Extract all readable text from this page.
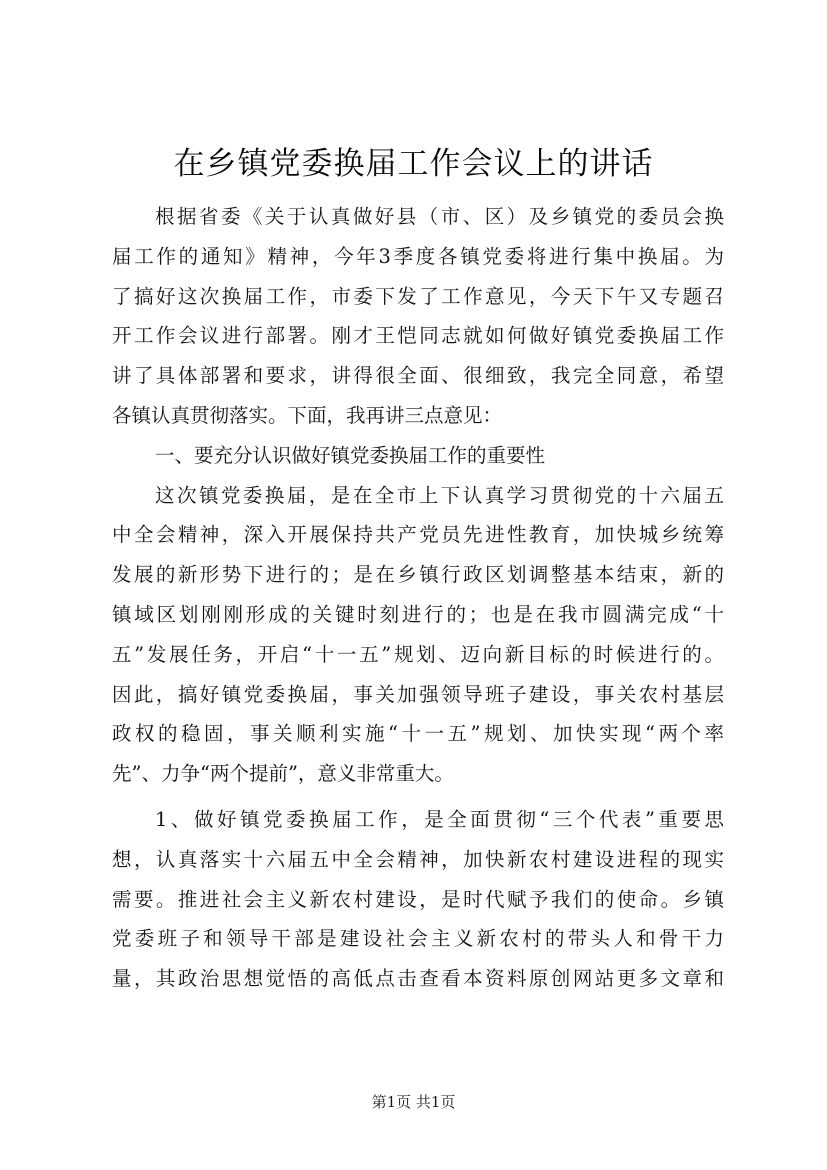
在乡镇党委换届工作会议上的讲话
根据省委《关于认真做好县（市、区）及乡镇党的委员会换
届工作的通知》精神，今年3季度各镇党委将进行集中换届。为
了搞好这次换届工作，市委下发了工作意见，今天下午又专题召
开工作会议进行部署。刚才王恺同志就如何做好镇党委换届工作
讲了具体部署和要求，讲得很全面、很细致，我完全同意，希望
各镇认真贯彻落实。下面，我再讲三点意见：
一、要充分认识做好镇党委换届工作的重要性
这次镇党委换届，是在全市上下认真学习贯彻党的十六届五
中全会精神，深入开展保持共产党员先进性教育，加快城乡统筹
发展的新形势下进行的；是在乡镇行政区划调整基本结束，新的
镇域区划刚刚形成的关键时刻进行的；也是在我市圆满完成“十
五”发展任务，开启“十一五”规划、迈向新目标的时候进行的。
因此，搞好镇党委换届，事关加强领导班子建设，事关农村基层
政权的稳固，事关顺利实施“十一五”规划、加快实现“两个率
先”、力争“两个提前”，意义非常重大。
1、做好镇党委换届工作，是全面贯彻“三个代表”重要思
想，认真落实十六届五中全会精神，加快新农村建设进程的现实
需要。推进社会主义新农村建设，是时代赋予我们的使命。乡镇
党委班子和领导干部是建设社会主义新农村的带头人和骨干力
量，其政治思想觉悟的高低点击查看本资料原创网站更多文章和
第1页 共1页
